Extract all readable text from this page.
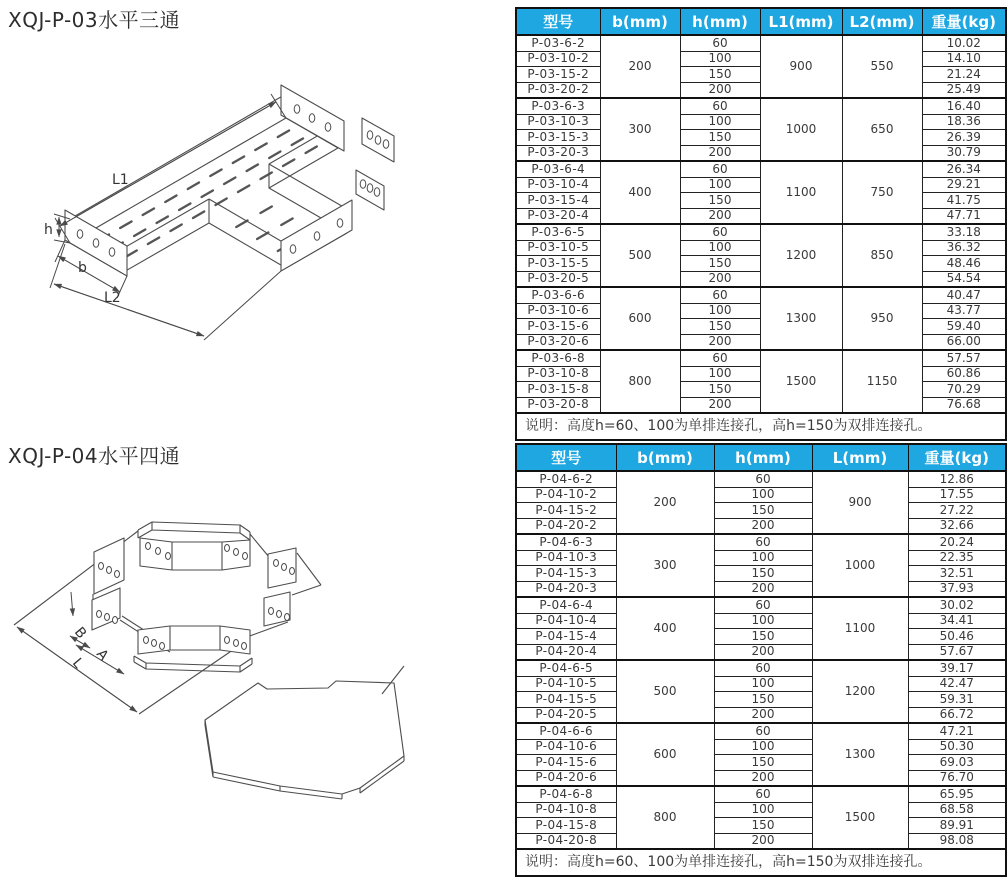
XQJ-P-03水平三通
L1
h
b
L2
型号	b(mm)	h(mm)	L1(mm)	L2(mm)	重量(kg)
P-03-6-2	200	60	900	550	10.02
P-03-10-2		100			14.10
P-03-15-2		150			21.24
P-03-20-2		200			25.49
P-03-6-3	300	60	1000	650	16.40
P-03-10-3		100			18.36
P-03-15-3		150			26.39
P-03-20-3		200			30.79
P-03-6-4	400	60	1100	750	26.34
P-03-10-4		100			29.21
P-03-15-4		150			41.75
P-03-20-4		200			47.71
P-03-6-5	500	60	1200	850	33.18
P-03-10-5		100			36.32
P-03-15-5		150			48.46
P-03-20-5		200			54.54
P-03-6-6	600	60	1300	950	40.47
P-03-10-6		100			43.77
P-03-15-6		150			59.40
P-03-20-6		200			66.00
P-03-6-8	800	60	1500	1150	57.57
P-03-10-8		100			60.86
P-03-15-8		150			70.29
P-03-20-8		200			76.68
说明：高度h=60、100为单排连接孔，高h=150为双排连接孔。					
XQJ-P-04水平四通
B
A
L
型号	b(mm)	h(mm)	L(mm)	重量(kg)
P-04-6-2	200	60	900	12.86
P-04-10-2		100		17.55
P-04-15-2		150		27.22
P-04-20-2		200		32.66
P-04-6-3	300	60	1000	20.24
P-04-10-3		100		22.35
P-04-15-3		150		32.51
P-04-20-3		200		37.93
P-04-6-4	400	60	1100	30.02
P-04-10-4		100		34.41
P-04-15-4		150		50.46
P-04-20-4		200		57.67
P-04-6-5	500	60	1200	39.17
P-04-10-5		100		42.47
P-04-15-5		150		59.31
P-04-20-5		200		66.72
P-04-6-6	600	60	1300	47.21
P-04-10-6		100		50.30
P-04-15-6		150		69.03
P-04-20-6		200		76.70
P-04-6-8	800	60	1500	65.95
P-04-10-8		100		68.58
P-04-15-8		150		89.91
P-04-20-8		200		98.08
说明：高度h=60、100为单排连接孔，高h=150为双排连接孔。				
